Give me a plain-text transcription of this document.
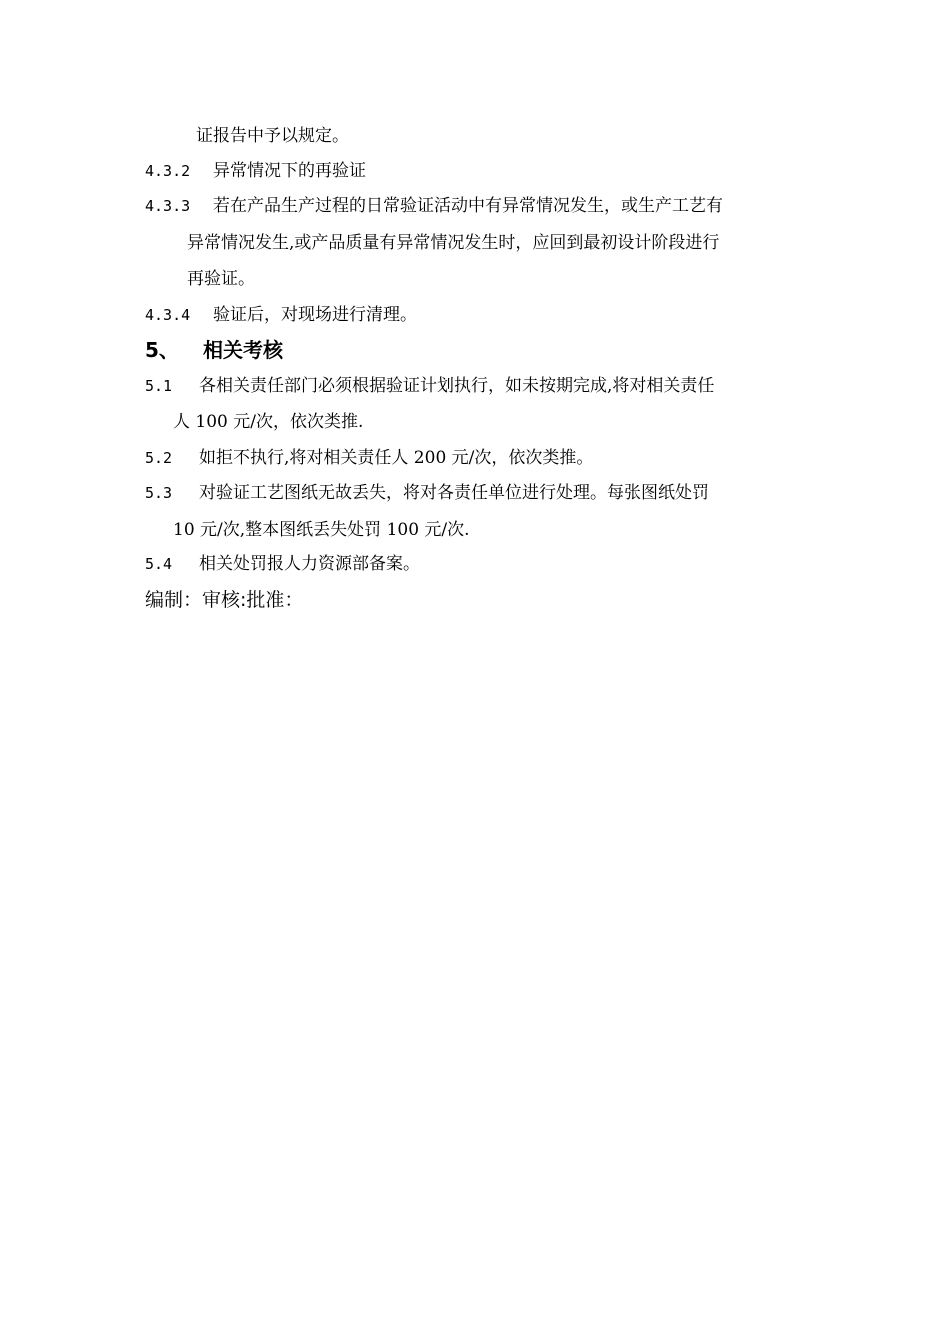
证报告中予以规定。
4.3.2 异常情况下的再验证
4.3.3 若在产品生产过程的日常验证活动中有异常情况发生，或生产工艺有
异常情况发生,或产品质量有异常情况发生时，应回到最初设计阶段进行
再验证。
4.3.4 验证后，对现场进行清理。
5、 相关考核
5.1 各相关责任部门必须根据验证计划执行，如未按期完成,将对相关责任
人 100 元/次，依次类推.
5.2 如拒不执行,将对相关责任人 200 元/次，依次类推。
5.3 对验证工艺图纸无故丢失，将对各责任单位进行处理。每张图纸处罚
10 元/次,整本图纸丢失处罚 100 元/次.
5.4 相关处罚报人力资源部备案。
编制：审核:批准：
